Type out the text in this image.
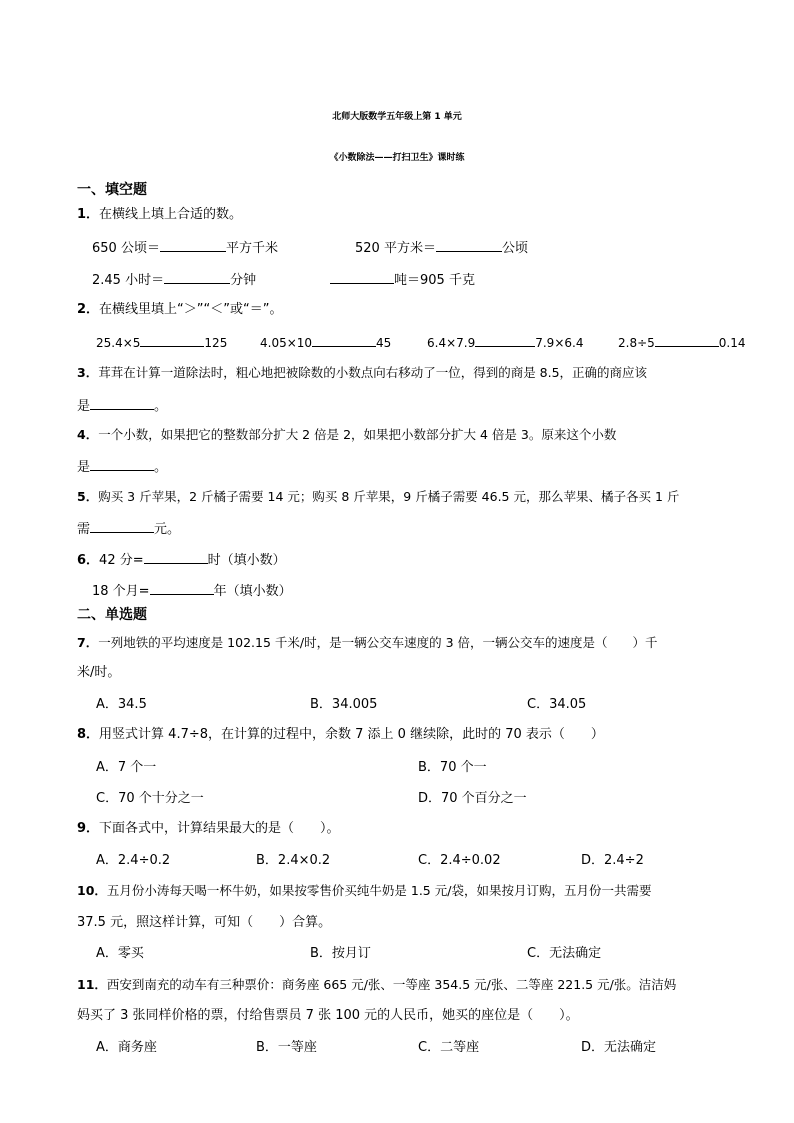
北师大版数学五年级上第 1 单元
《小数除法——打扫卫生》课时练
一、填空题
1．在横线上填上合适的数。
650 公顷＝	平方千米	520 平方米＝	公顷
2.45 小时＝	分钟	吨＝905 千克
2．在横线里填上“＞”“＜”或“＝”。
25.4×5	125	4.05×10	45	6.4×7.9	7.9×6.4	2.8÷5	0.14
3．茸茸在计算一道除法时，粗心地把被除数的小数点向右移动了一位，得到的商是 8.5，正确的商应该
是	。
4．一个小数，如果把它的整数部分扩大 2 倍是 2，如果把小数部分扩大 4 倍是 3。原来这个小数
是	。
5．购买 3 斤苹果，2 斤橘子需要 14 元；购买 8 斤苹果，9 斤橘子需要 46.5 元，那么苹果、橘子各买 1 斤
需	元。
6．42 分=	时（填小数）
18 个月=	年（填小数）
二、单选题
7．一列地铁的平均速度是 102.15 千米/时，是一辆公交车速度的 3 倍，一辆公交车的速度是（　　）千
米/时。
A．34.5	B．34.005	C．34.05
8．用竖式计算 4.7÷8，在计算的过程中，余数 7 添上 0 继续除，此时的 70 表示（　　）
A．7 个一	B．70 个一
C．70 个十分之一	D．70 个百分之一
9．下面各式中，计算结果最大的是（　　）。
A．2.4÷0.2	B．2.4×0.2	C．2.4÷0.02	D．2.4÷2
10．五月份小涛每天喝一杯牛奶，如果按零售价买纯牛奶是 1.5 元/袋，如果按月订购，五月份一共需要
37.5 元，照这样计算，可知（　　）合算。
A．零买	B．按月订	C．无法确定
11．西安到南充的动车有三种票价：商务座 665 元/张、一等座 354.5 元/张、二等座 221.5 元/张。洁洁妈
妈买了 3 张同样价格的票，付给售票员 7 张 100 元的人民币，她买的座位是（　　）。
A．商务座	B．一等座	C．二等座	D．无法确定
